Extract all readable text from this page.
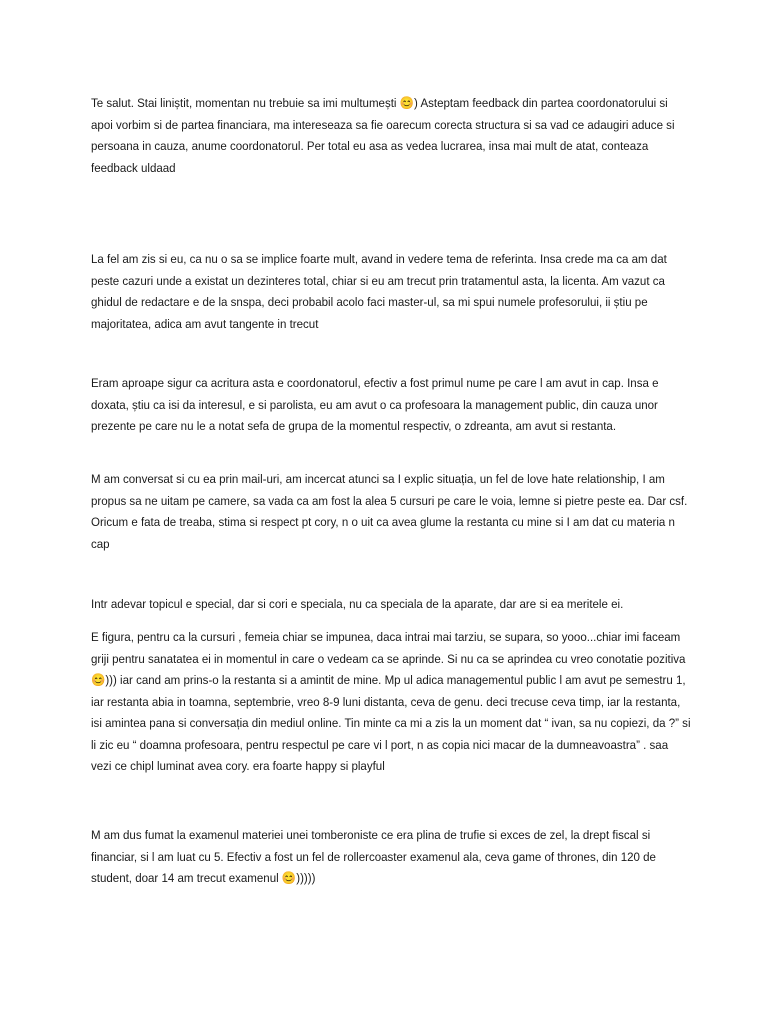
Te salut. Stai liniștit, momentan nu trebuie sa imi multumești 😊) Asteptam feedback din partea coordonatorului si apoi vorbim si de partea financiara, ma intereseaza sa fie oarecum corecta structura si sa vad ce adaugiri aduce si persoana in cauza, anume coordonatorul. Per total eu asa as vedea lucrarea, insa mai mult de atat, conteaza feedback uldaad

La fel am zis si eu, ca nu o sa se implice foarte mult, avand in vedere tema de referinta. Insa crede ma ca am dat peste cazuri unde a existat un dezinteres total, chiar si eu am trecut prin tratamentul asta, la licenta. Am vazut ca ghidul de redactare e de la snspa, deci probabil acolo faci master-ul, sa mi spui numele profesorului, ii știu pe majoritatea, adica am avut tangente in trecut

Eram aproape sigur ca acritura asta e coordonatorul, efectiv a fost primul nume pe care l am avut in cap. Insa e doxata, știu ca isi da interesul, e si parolista, eu am avut o ca profesoara la management public, din cauza unor prezente pe care nu le a notat sefa de grupa de la momentul respectiv, o zdreanta, am avut si restanta.

M am conversat si cu ea prin mail-uri, am incercat atunci sa I explic situația, un fel de love hate relationship, I am propus sa ne uitam pe camere, sa vada ca am fost la alea 5 cursuri pe care le voia, lemne si pietre peste ea. Dar csf. Oricum e fata de treaba, stima si respect pt cory, n o uit ca avea glume la restanta cu mine si I am dat cu materia n cap

Intr adevar topicul e special, dar si cori e speciala, nu ca speciala de la aparate, dar are si ea meritele ei.

E figura, pentru ca la cursuri , femeia chiar se impunea, daca intrai mai tarziu, se supara, so yooo...chiar imi faceam griji pentru sanatatea ei in momentul in care o vedeam ca se aprinde. Si nu ca se aprindea cu vreo conotatie pozitiva 😊))) iar cand am prins-o la restanta si a amintit de mine. Mp ul adica managementul public l am avut pe semestru 1, iar restanta abia in toamna, septembrie, vreo 8-9 luni distanta, ceva de genu. deci trecuse ceva timp, iar la restanta, isi amintea pana si conversația din mediul online. Tin minte ca mi a zis la un moment dat “ ivan, sa nu copiezi, da ?” si li zic eu “ doamna profesoara, pentru respectul pe care vi l port, n as copia nici macar de la dumneavoastra” . saa vezi ce chipl luminat avea cory. era foarte happy si playful

M am dus fumat la examenul materiei unei tomberoniste ce era plina de trufie si exces de zel, la drept fiscal si financiar, si l am luat cu 5. Efectiv a fost un fel de rollercoaster examenul ala, ceva game of thrones, din 120 de student, doar 14 am trecut examenul 😊)))))
